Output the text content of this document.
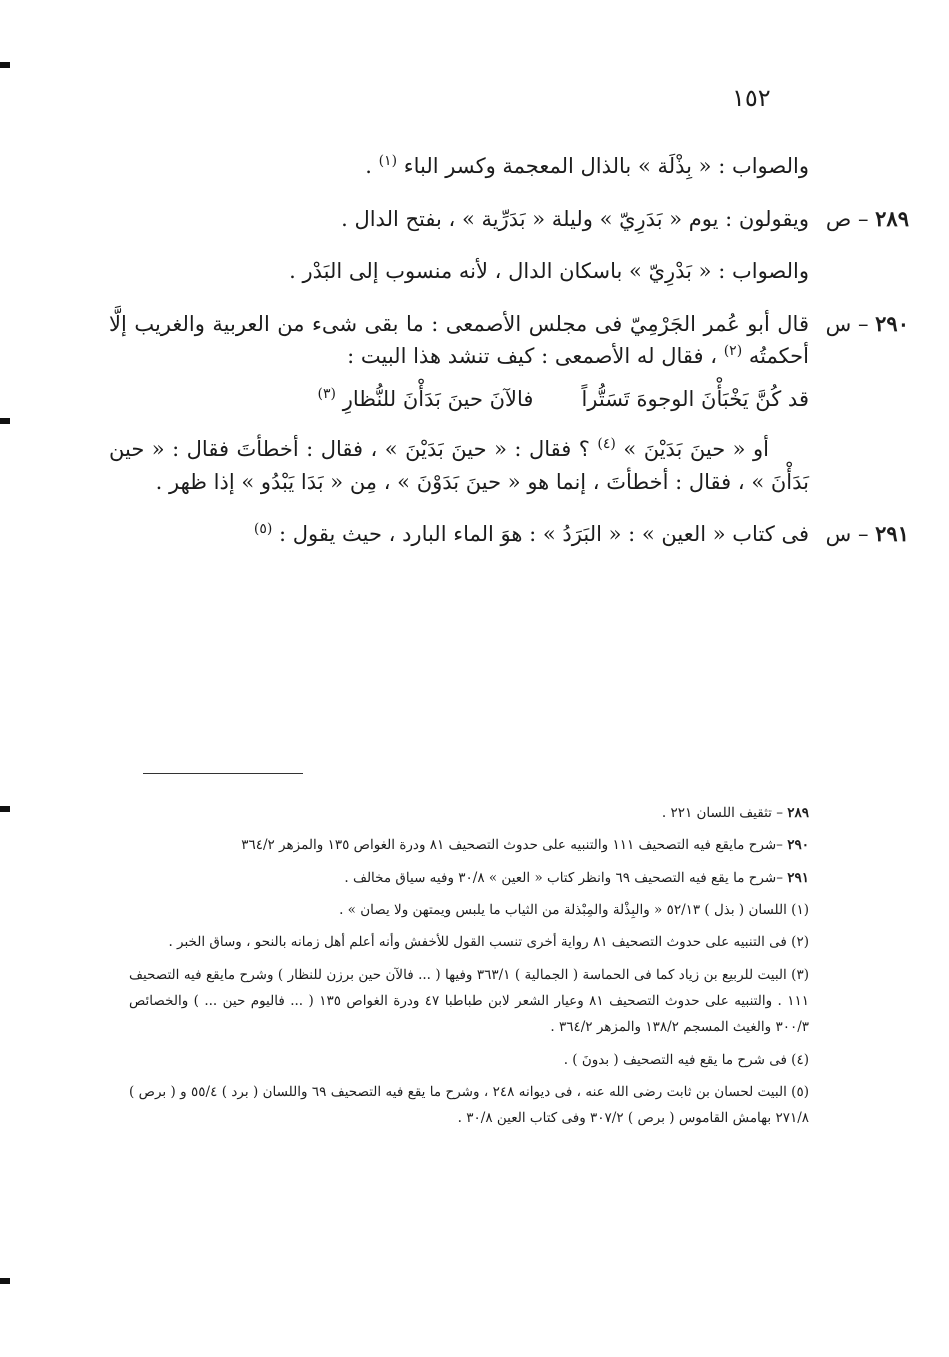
١٥٢

والصواب : « بِذْلَة » بالذال المعجمة وكسر الباء $^{(١)}$ .

٢٨٩ – ص

ويقولون : يوم « بَدَرِيّ » وليلة « بَدَرِّية » ، بفتح الدال .

والصواب : « بَدْرِيّ » باسكان الدال ، لأنه منسوب إلى البَدْر .

٢٩٠ – س

قال أبو عُمر الجَرْمِيّ فى مجلس الأصمعى : ما بقى شىء من العربية والغريب إلَّا أحكمتُه $^{(٢)}$ ، فقال له الأصمعى : كيف تنشد هذا البيت :

قد كُنَّ يَخْبَأْنَ الوجوهَ تَسَتُّراً
فالآنَ حينَ بَدَأْنَ للنُّظارِ $^{(٣)}$

أو « حينَ بَدَيْنَ » $^{(٤)}$ ؟ فقال : « حينَ بَدَيْنَ » ، فقال : أخطأتَ فقال : « حين بَدَأْنَ » ، فقال : أخطأتَ ، إنما هو « حينَ بَدَوْنَ » ، مِن « بَدَا يَبْدُو » إذا ظهر .

٢٩١ – س

فى كتاب « العين » : « البَرَدُ » : هوَ الماء البارد ، حيث يقول : $^{(٥)}$

٢٨٩ – تثقيف اللسان ٢٢١ .

٢٩٠ –شرح مايقع فيه التصحيف ١١١ والتنبيه على حدوث التصحيف ٨١ ودرة الغواص ١٣٥ والمزهر ٣٦٤/٢

٢٩١ –شرح ما يقع فيه التصحيف ٦٩ وانظر كتاب « العين » ٣٠/٨ وفيه سياق مخالف .

(١) اللسان ( بذل ) ٥٢/١٣ « والبِذْلة والمِبْذلة من الثياب ما يلبس ويمتهن ولا يصان » .

(٢) فى التنبيه على حدوث التصحيف ٨١ رواية أخرى تنسب القول للأخفش وأنه أعلم أهل زمانه بالنحو ، وساق الخبر .

(٣) البيت للربيع بن زياد كما فى الحماسة ( الجمالية ) ٣٦٣/١ وفيها ( ... فالآن حين برزن للنظار ) وشرح مايقع فيه التصحيف ١١١ . والتنبيه على حدوث التصحيف ٨١ وعيار الشعر لابن طباطبا ٤٧ ودرة الغواص ١٣٥ ( ... فاليوم حين ... ) والخصائص ٣٠٠/٣ والغيث المسجم ١٣٨/٢ والمزهر ٣٦٤/٢ .

(٤) فى شرح ما يقع فيه التصحيف ( بدونَ ) .

(٥) البيت لحسان بن ثابت رضى الله عنه ، فى ديوانه ٢٤٨ ، وشرح ما يقع فيه التصحيف ٦٩ واللسان ( برد ) ٥٥/٤ و ( برص ) ٢٧١/٨ بهامش القاموس ( برص ) ٣٠٧/٢ وفى كتاب العين ٣٠/٨ .
